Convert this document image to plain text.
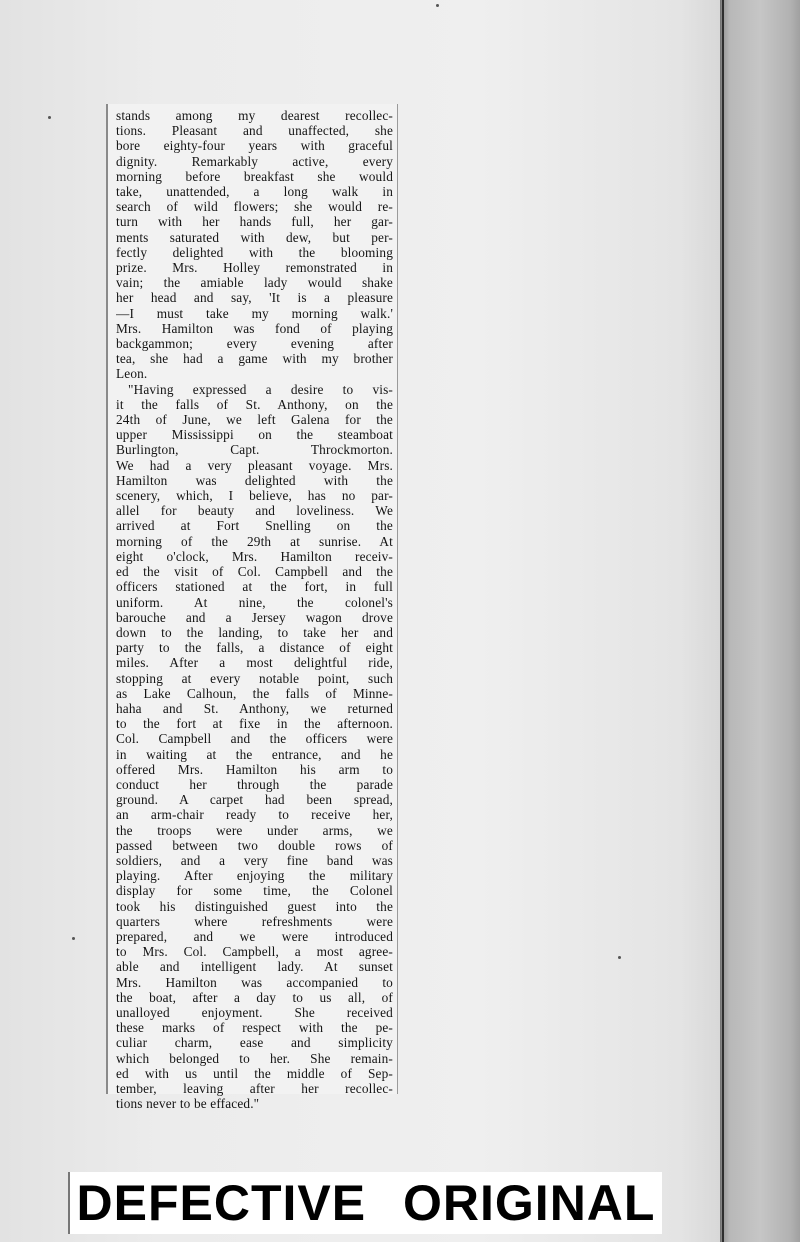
stands among my dearest recollec-
tions. Pleasant and unaffected, she
bore eighty-four years with graceful
dignity. Remarkably active, every
morning before breakfast she would
take, unattended, a long walk in
search of wild flowers; she would re-
turn with her hands full, her gar-
ments saturated with dew, but per-
fectly delighted with the blooming
prize. Mrs. Holley remonstrated in
vain; the amiable lady would shake
her head and say, 'It is a pleasure
—I must take my morning walk.'
Mrs. Hamilton was fond of playing
backgammon; every evening after
tea, she had a game with my brother
Leon.
"Having expressed a desire to vis-
it the falls of St. Anthony, on the
24th of June, we left Galena for the
upper Mississippi on the steamboat
Burlington, Capt. Throckmorton.
We had a very pleasant voyage. Mrs.
Hamilton was delighted with the
scenery, which, I believe, has no par-
allel for beauty and loveliness. We
arrived at Fort Snelling on the
morning of the 29th at sunrise. At
eight o'clock, Mrs. Hamilton receiv-
ed the visit of Col. Campbell and the
officers stationed at the fort, in full
uniform. At nine, the colonel's
barouche and a Jersey wagon drove
down to the landing, to take her and
party to the falls, a distance of eight
miles. After a most delightful ride,
stopping at every notable point, such
as Lake Calhoun, the falls of Minne-
haha and St. Anthony, we returned
to the fort at fixe in the afternoon.
Col. Campbell and the officers were
in waiting at the entrance, and he
offered Mrs. Hamilton his arm to
conduct her through the parade
ground. A carpet had been spread,
an arm-chair ready to receive her,
the troops were under arms, we
passed between two double rows of
soldiers, and a very fine band was
playing. After enjoying the military
display for some time, the Colonel
took his distinguished guest into the
quarters where refreshments were
prepared, and we were introduced
to Mrs. Col. Campbell, a most agree-
able and intelligent lady. At sunset
Mrs. Hamilton was accompanied to
the boat, after a day to us all, of
unalloyed enjoyment. She received
these marks of respect with the pe-
culiar charm, ease and simplicity
which belonged to her. She remain-
ed with us until the middle of Sep-
tember, leaving after her recollec-
tions never to be effaced."
DEFECTIVE ORIGINAL
